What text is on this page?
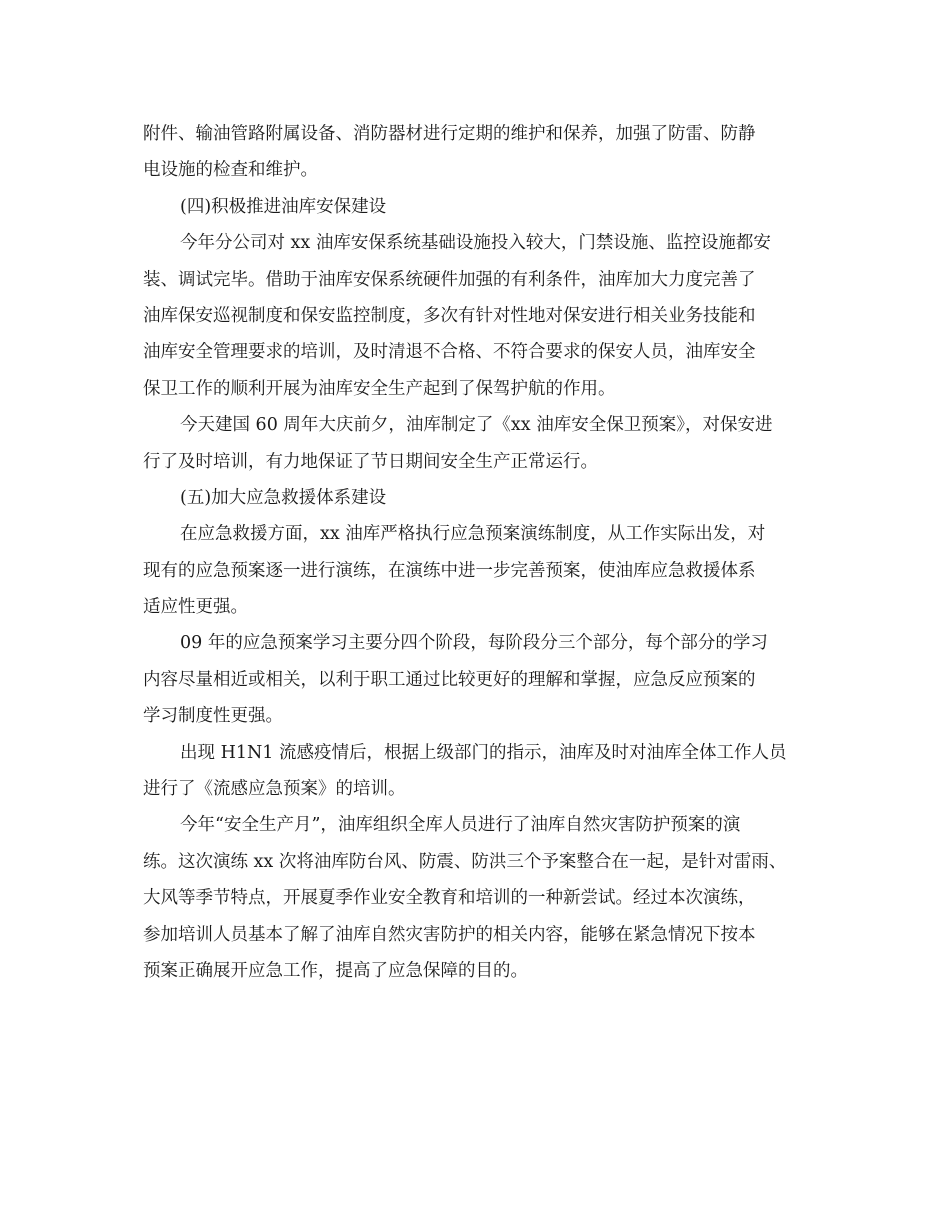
附件、输油管路附属设备、消防器材进行定期的维护和保养，加强了防雷、防静
电设施的检查和维护。
(四)积极推进油库安保建设
今年分公司对 xx 油库安保系统基础设施投入较大，门禁设施、监控设施都安
装、调试完毕。借助于油库安保系统硬件加强的有利条件，油库加大力度完善了
油库保安巡视制度和保安监控制度，多次有针对性地对保安进行相关业务技能和
油库安全管理要求的培训，及时清退不合格、不符合要求的保安人员，油库安全
保卫工作的顺利开展为油库安全生产起到了保驾护航的作用。
今天建国 60 周年大庆前夕，油库制定了《xx 油库安全保卫预案》，对保安进
行了及时培训，有力地保证了节日期间安全生产正常运行。
(五)加大应急救援体系建设
在应急救援方面，xx 油库严格执行应急预案演练制度，从工作实际出发，对
现有的应急预案逐一进行演练，在演练中进一步完善预案，使油库应急救援体系
适应性更强。
09 年的应急预案学习主要分四个阶段，每阶段分三个部分，每个部分的学习
内容尽量相近或相关，以利于职工通过比较更好的理解和掌握，应急反应预案的
学习制度性更强。
出现 H1N1 流感疫情后，根据上级部门的指示，油库及时对油库全体工作人员
进行了《流感应急预案》的培训。
今年“安全生产月”，油库组织全库人员进行了油库自然灾害防护预案的演
练。这次演练 xx 次将油库防台风、防震、防洪三个予案整合在一起，是针对雷雨、
大风等季节特点，开展夏季作业安全教育和培训的一种新尝试。经过本次演练，
参加培训人员基本了解了油库自然灾害防护的相关内容，能够在紧急情况下按本
预案正确展开应急工作，提高了应急保障的目的。
